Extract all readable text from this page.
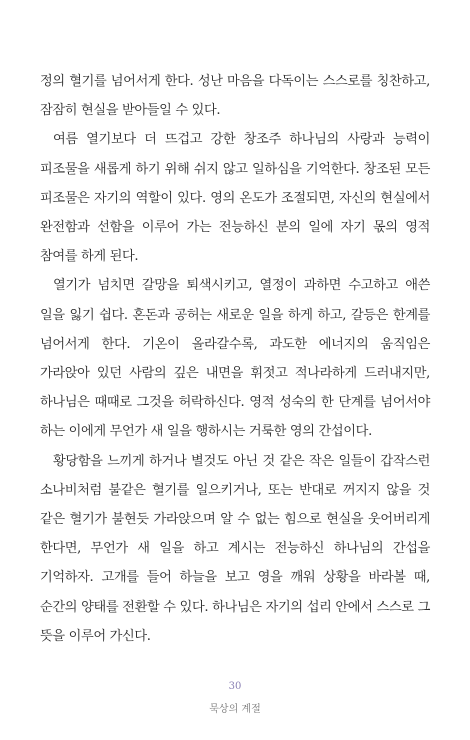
정의 혈기를 넘어서게 한다. 성난 마음을 다독이는 스스로를 칭찬하고, 잠잠히 현실을 받아들일 수 있다.

여름 열기보다 더 뜨겁고 강한 창조주 하나님의 사랑과 능력이 피조물을 새롭게 하기 위해 쉬지 않고 일하심을 기억한다. 창조된 모든 피조물은 자기의 역할이 있다. 영의 온도가 조절되면, 자신의 현실에서 완전함과 선함을 이루어 가는 전능하신 분의 일에 자기 몫의 영적 참여를 하게 된다.

열기가 넘치면 갈망을 퇴색시키고, 열정이 과하면 수고하고 애쓴 일을 잃기 쉽다. 혼돈과 공허는 새로운 일을 하게 하고, 갈등은 한계를 넘어서게 한다. 기온이 올라갈수록, 과도한 에너지의 움직임은 가라앉아 있던 사람의 깊은 내면을 휘젓고 적나라하게 드러내지만, 하나님은 때때로 그것을 허락하신다. 영적 성숙의 한 단계를 넘어서야 하는 이에게 무언가 새 일을 행하시는 거룩한 영의 간섭이다.

황당함을 느끼게 하거나 별것도 아닌 것 같은 작은 일들이 갑작스런 소나비처럼 불같은 혈기를 일으키거나, 또는 반대로 꺼지지 않을 것 같은 혈기가 불현듯 가라앉으며 알 수 없는 힘으로 현실을 웃어버리게 한다면, 무언가 새 일을 하고 계시는 전능하신 하나님의 간섭을 기억하자. 고개를 들어 하늘을 보고 영을 깨워 상황을 바라볼 때, 순간의 양태를 전환할 수 있다. 하나님은 자기의 섭리 안에서 스스로 그 뜻을 이루어 가신다.

30
묵상의 계절
